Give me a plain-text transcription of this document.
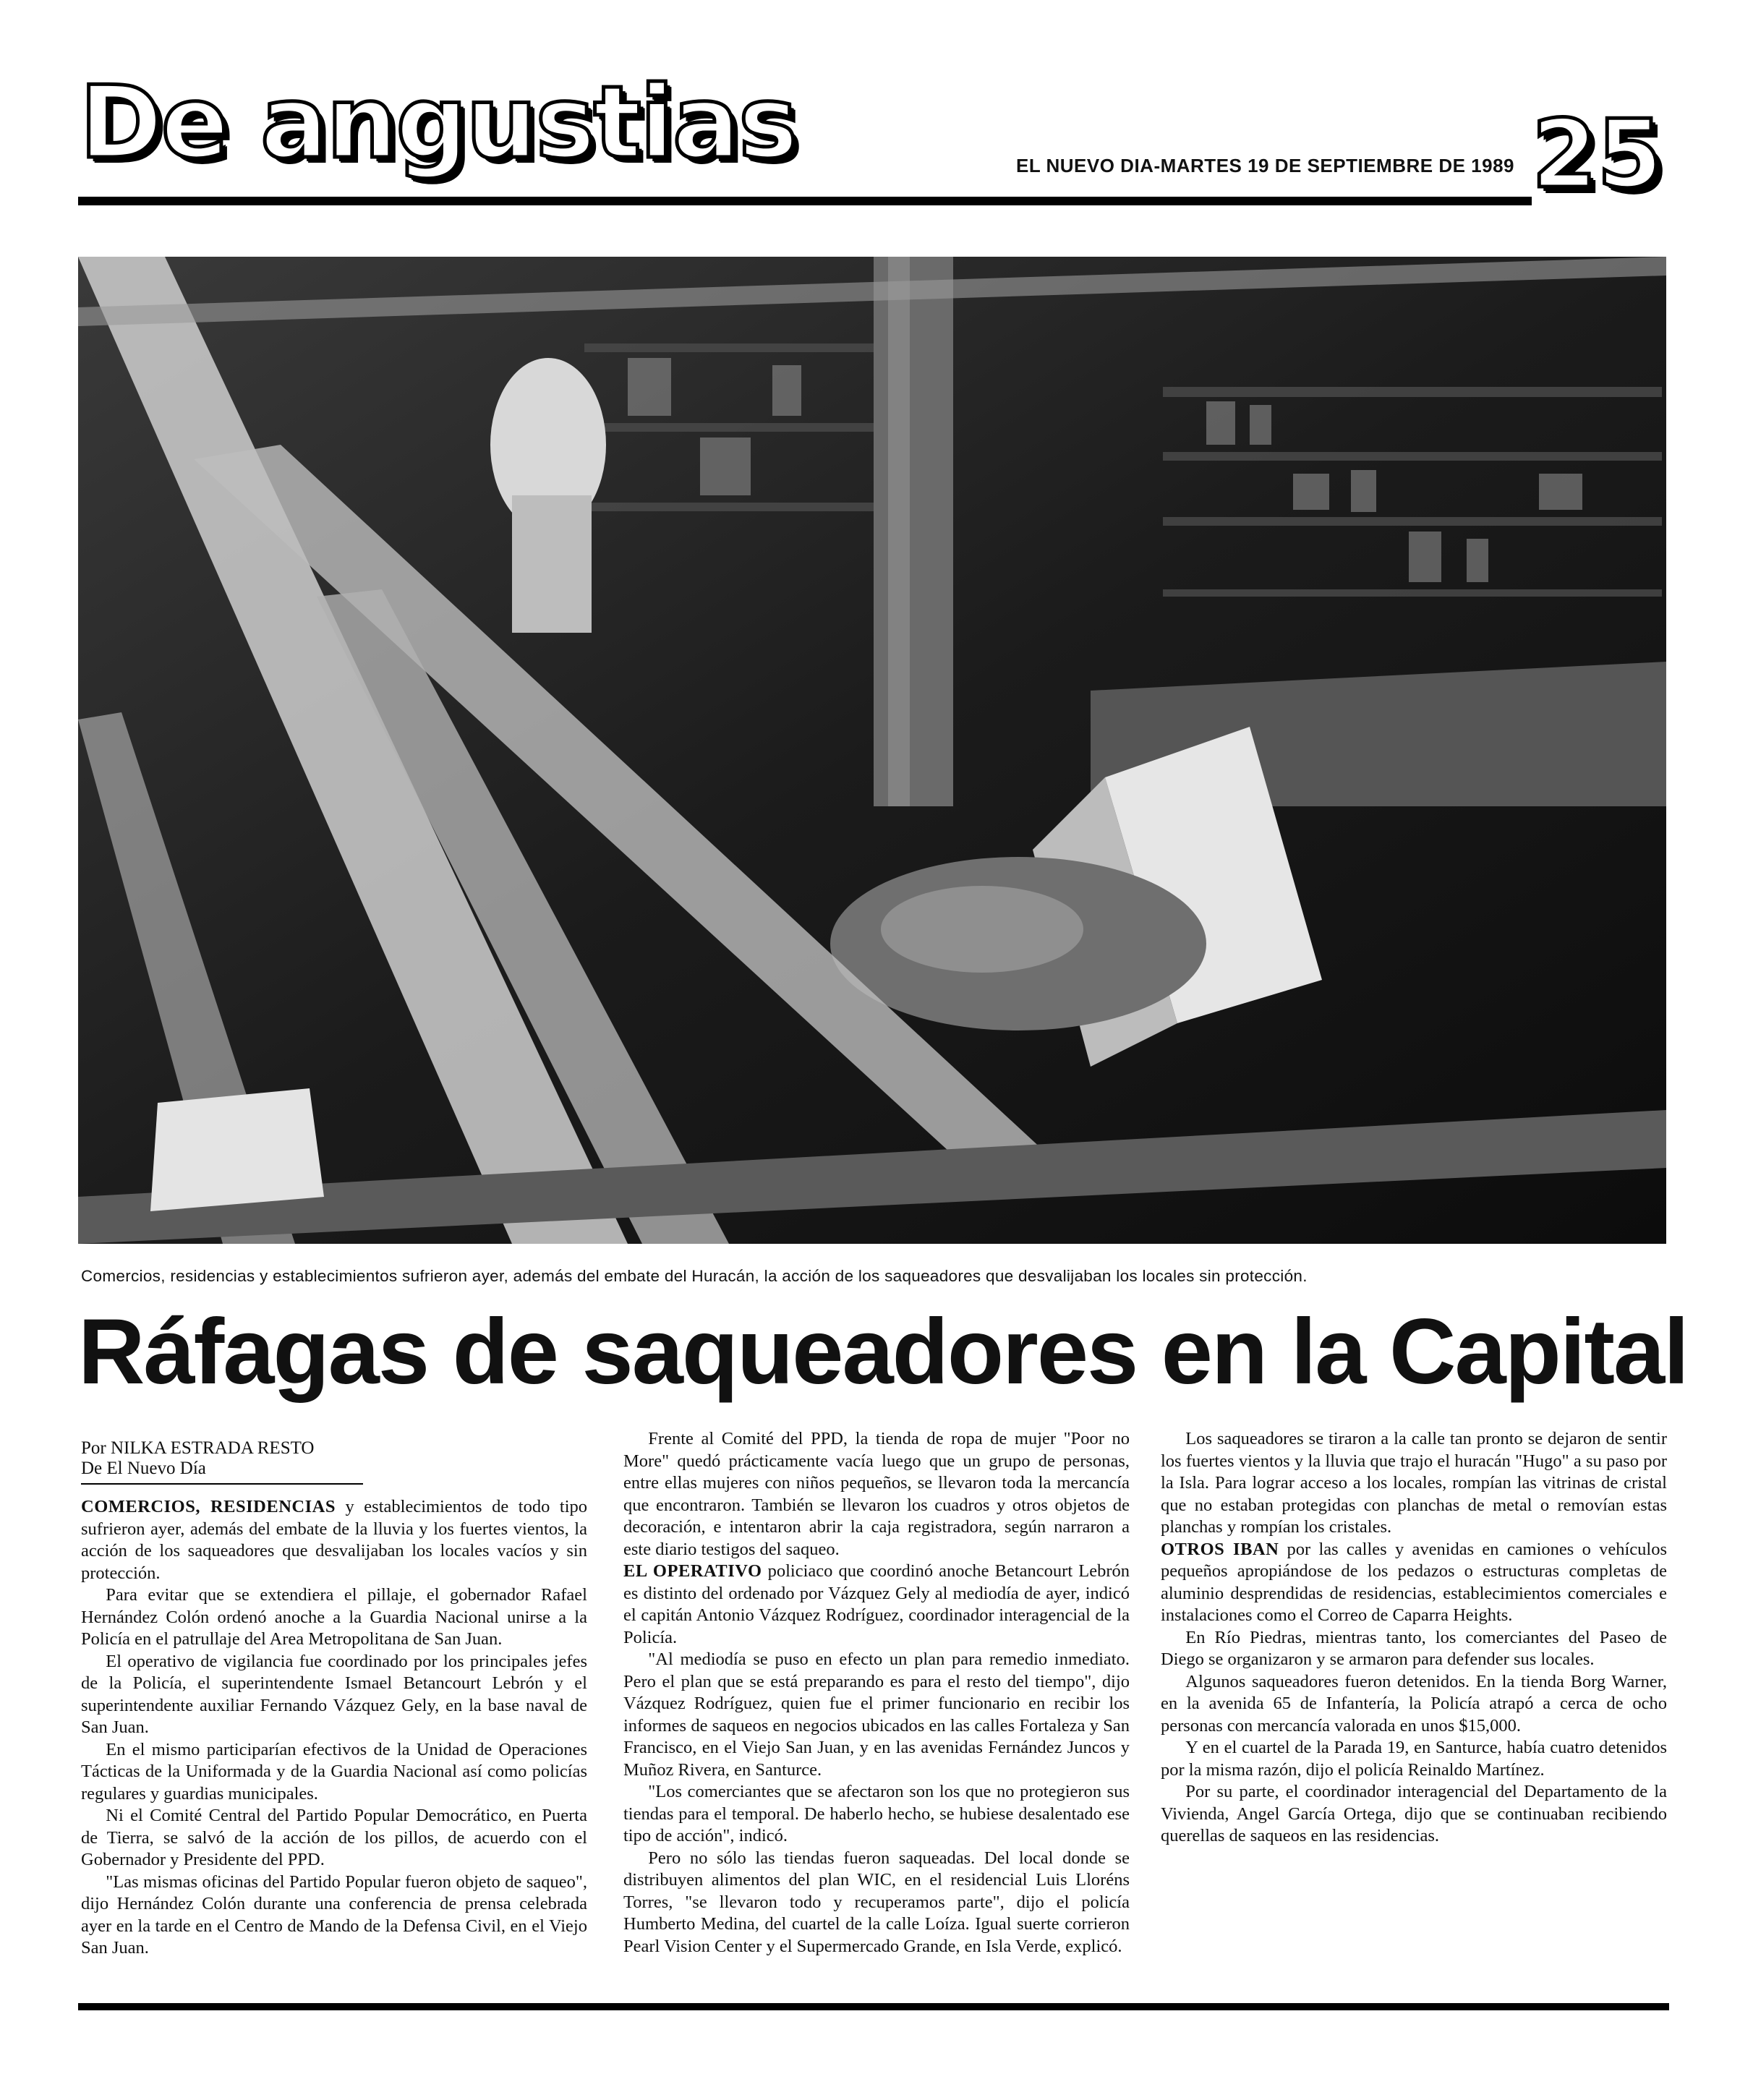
De angustias	EL NUEVO DIA-MARTES 19 DE SEPTIEMBRE DE 1989 25
Comercios, residencias y establecimientos sufrieron ayer, además del embate del Huracán, la acción de los saqueadores que desvalijaban los locales sin protección.
Ráfagas de saqueadores en la Capital
Por NILKA ESTRADA RESTO
De El Nuevo Día

COMERCIOS, RESIDENCIAS y establecimientos de todo tipo sufrieron ayer, además del embate de la lluvia y los fuertes vientos, la acción de los saqueadores que desvalijaban los locales vacíos y sin protección.

Para evitar que se extendiera el pillaje, el gobernador Rafael Hernández Colón ordenó anoche a la Guardia Nacional unirse a la Policía en el patrullaje del Area Metropolitana de San Juan.

El operativo de vigilancia fue coordinado por los principales jefes de la Policía, el superintendente Ismael Betancourt Lebrón y el superintendente auxiliar Fernando Vázquez Gely, en la base naval de San Juan.

En el mismo participarían efectivos de la Unidad de Operaciones Tácticas de la Uniformada y de la Guardia Nacional así como policías regulares y guardias municipales.

Ni el Comité Central del Partido Popular Democrático, en Puerta de Tierra, se salvó de la acción de los pillos, de acuerdo con el Gobernador y Presidente del PPD.

"Las mismas oficinas del Partido Popular fueron objeto de saqueo", dijo Hernández Colón durante una conferencia de prensa celebrada ayer en la tarde en el Centro de Mando de la Defensa Civil, en el Viejo San Juan.

Frente al Comité del PPD, la tienda de ropa de mujer "Poor no More" quedó prácticamente vacía luego que un grupo de personas, entre ellas mujeres con niños pequeños, se llevaron toda la mercancía que encontraron. También se llevaron los cuadros y otros objetos de decoración, e intentaron abrir la caja registradora, según narraron a este diario testigos del saqueo.

EL OPERATIVO policiaco que coordinó anoche Betancourt Lebrón es distinto del ordenado por Vázquez Gely al mediodía de ayer, indicó el capitán Antonio Vázquez Rodríguez, coordinador interagencial de la Policía.

"Al mediodía se puso en efecto un plan para remedio inmediato. Pero el plan que se está preparando es para el resto del tiempo", dijo Vázquez Rodríguez, quien fue el primer funcionario en recibir los informes de saqueos en negocios ubicados en las calles Fortaleza y San Francisco, en el Viejo San Juan, y en las avenidas Fernández Juncos y Muñoz Rivera, en Santurce.

"Los comerciantes que se afectaron son los que no protegieron sus tiendas para el temporal. De haberlo hecho, se hubiese desalentado ese tipo de acción", indicó.

Pero no sólo las tiendas fueron saqueadas. Del local donde se distribuyen alimentos del plan WIC, en el residencial Luis Lloréns Torres, "se llevaron todo y recuperamos parte", dijo el policía Humberto Medina, del cuartel de la calle Loíza. Igual suerte corrieron Pearl Vision Center y el Supermercado Grande, en Isla Verde, explicó.

Los saqueadores se tiraron a la calle tan pronto se dejaron de sentir los fuertes vientos y la lluvia que trajo el huracán "Hugo" a su paso por la Isla. Para lograr acceso a los locales, rompían las vitrinas de cristal que no estaban protegidas con planchas de metal o removían estas planchas y rompían los cristales.

OTROS IBAN por las calles y avenidas en camiones o vehículos pequeños apropiándose de los pedazos o estructuras completas de aluminio desprendidas de residencias, establecimientos comerciales e instalaciones como el Correo de Caparra Heights.

En Río Piedras, mientras tanto, los comerciantes del Paseo de Diego se organizaron y se armaron para defender sus locales.

Algunos saqueadores fueron detenidos. En la tienda Borg Warner, en la avenida 65 de Infantería, la Policía atrapó a cerca de ocho personas con mercancía valorada en unos $15,000.

Y en el cuartel de la Parada 19, en Santurce, había cuatro detenidos por la misma razón, dijo el policía Reinaldo Martínez.

Por su parte, el coordinador interagencial del Departamento de la Vivienda, Angel García Ortega, dijo que se continuaban recibiendo querellas de saqueos en las residencias.
